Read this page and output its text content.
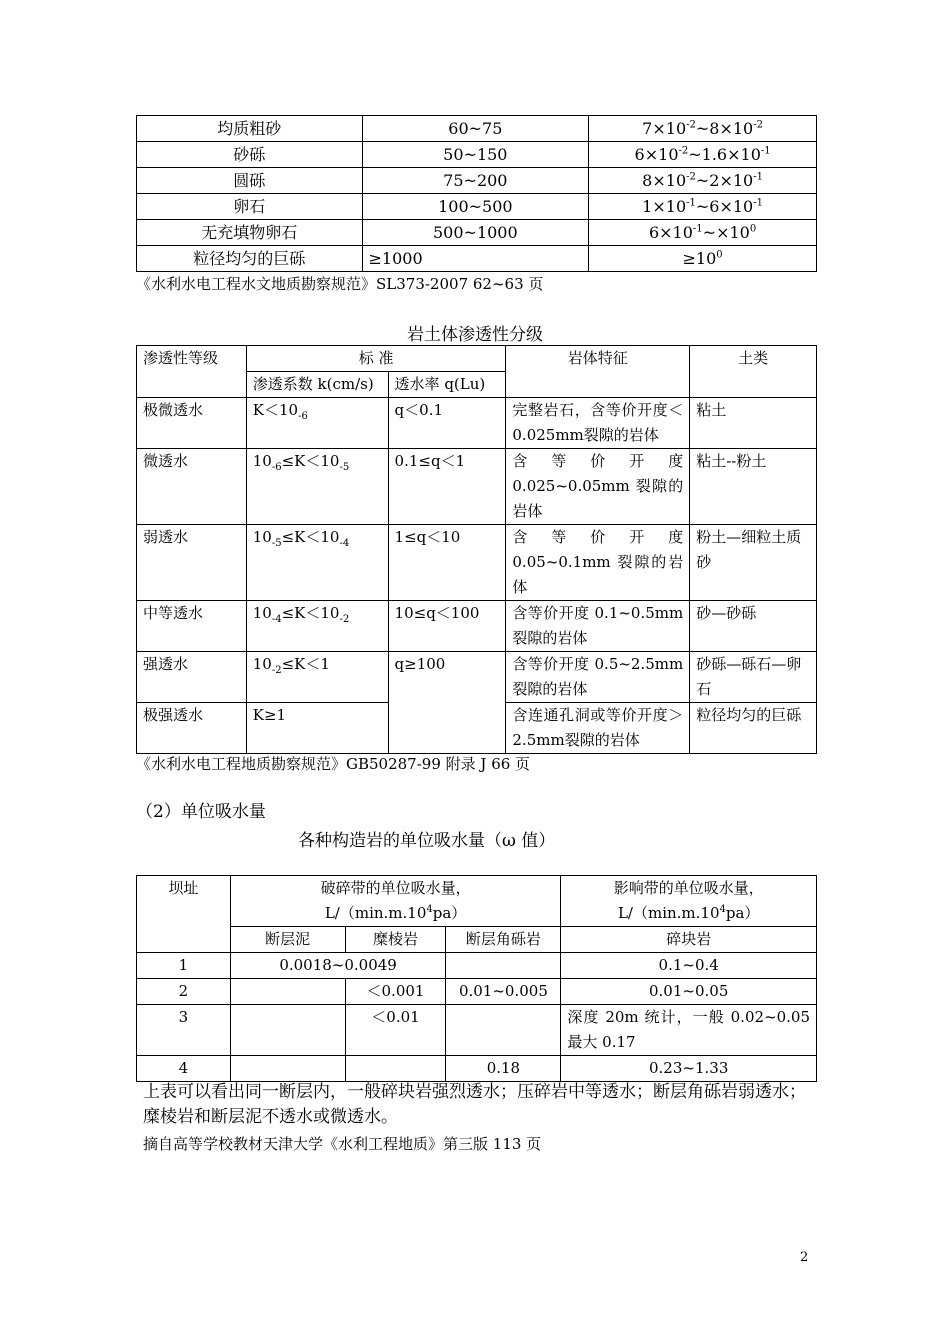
均质粗砂	60~75	$7\times 10^{-2}\sim 8\times 10^{-2}$
砂砾	50~150	$6\times 10^{-2}\sim 1.6\times 10^{-1}$
圆砾	75~200	$8\times 10^{-2}\sim 2\times 10^{-1}$
卵石	100~500	$1\times 10^{-1}\sim 6\times 10^{-1}$
无充填物卵石	500~1000	$6\times 10^{-1}\sim\times 10^0$
粒径均匀的巨砾	≥1000	$\ge 10^0$
《水利水电工程水文地质勘察规范》SL373-2007 62~63 页
岩土体渗透性分级
渗透性等级	标 准		岩体特征	土类
	渗透系数 k(cm/s)	透水率 q(Lu)		
极微透水	$K<10_{-6}$	q＜0.1	完整岩石，含等价开度＜0.025mm裂隙的岩体	粘土
微透水	$10_{-6}\le K<10_{-5}$	0.1≤q＜1	含 等 价 开 度 0.025~0.05mm 裂隙的岩体	粘土--粉土
弱透水	$10_{-5}\le K<10_{-4}$	1≤q＜10	含 等 价 开 度 0.05~0.1mm 裂隙的岩体	粉土—细粒土质砂
中等透水	$10_{-4}\le K<10_{-2}$	10≤q＜100	含等价开度 0.1~0.5mm 裂隙的岩体	砂—砂砾
强透水	$10_{-2}\le K<1$	q≥100	含等价开度 0.5~2.5mm 裂隙的岩体	砂砾—砾石—卵石
极强透水	K≥1		含连通孔洞或等价开度＞2.5mm裂隙的岩体	粒径均匀的巨砾
《水利水电工程地质勘察规范》GB50287-99 附录 J 66 页
（2）单位吸水量
各种构造岩的单位吸水量（ω 值）
坝址	破碎带的单位吸水量，
$L/(\min.m.10^4pa)$			影响带的单位吸水量，
$L/(\min.m.10^4pa)$
	断层泥	糜棱岩	断层角砾岩	碎块岩
1	0.0018~0.0049			0.1~0.4
2		＜0.001	0.01~0.005	0.01~0.05
3		＜0.01		深度 20m 统计，一般 0.02~0.05 最大 0.17
4			0.18	0.23~1.33
上表可以看出同一断层内，一般碎块岩强烈透水；压碎岩中等透水；断层角砾岩弱透水；糜棱岩和断层泥不透水或微透水。
摘自高等学校教材天津大学《水利工程地质》第三版 113 页
2
